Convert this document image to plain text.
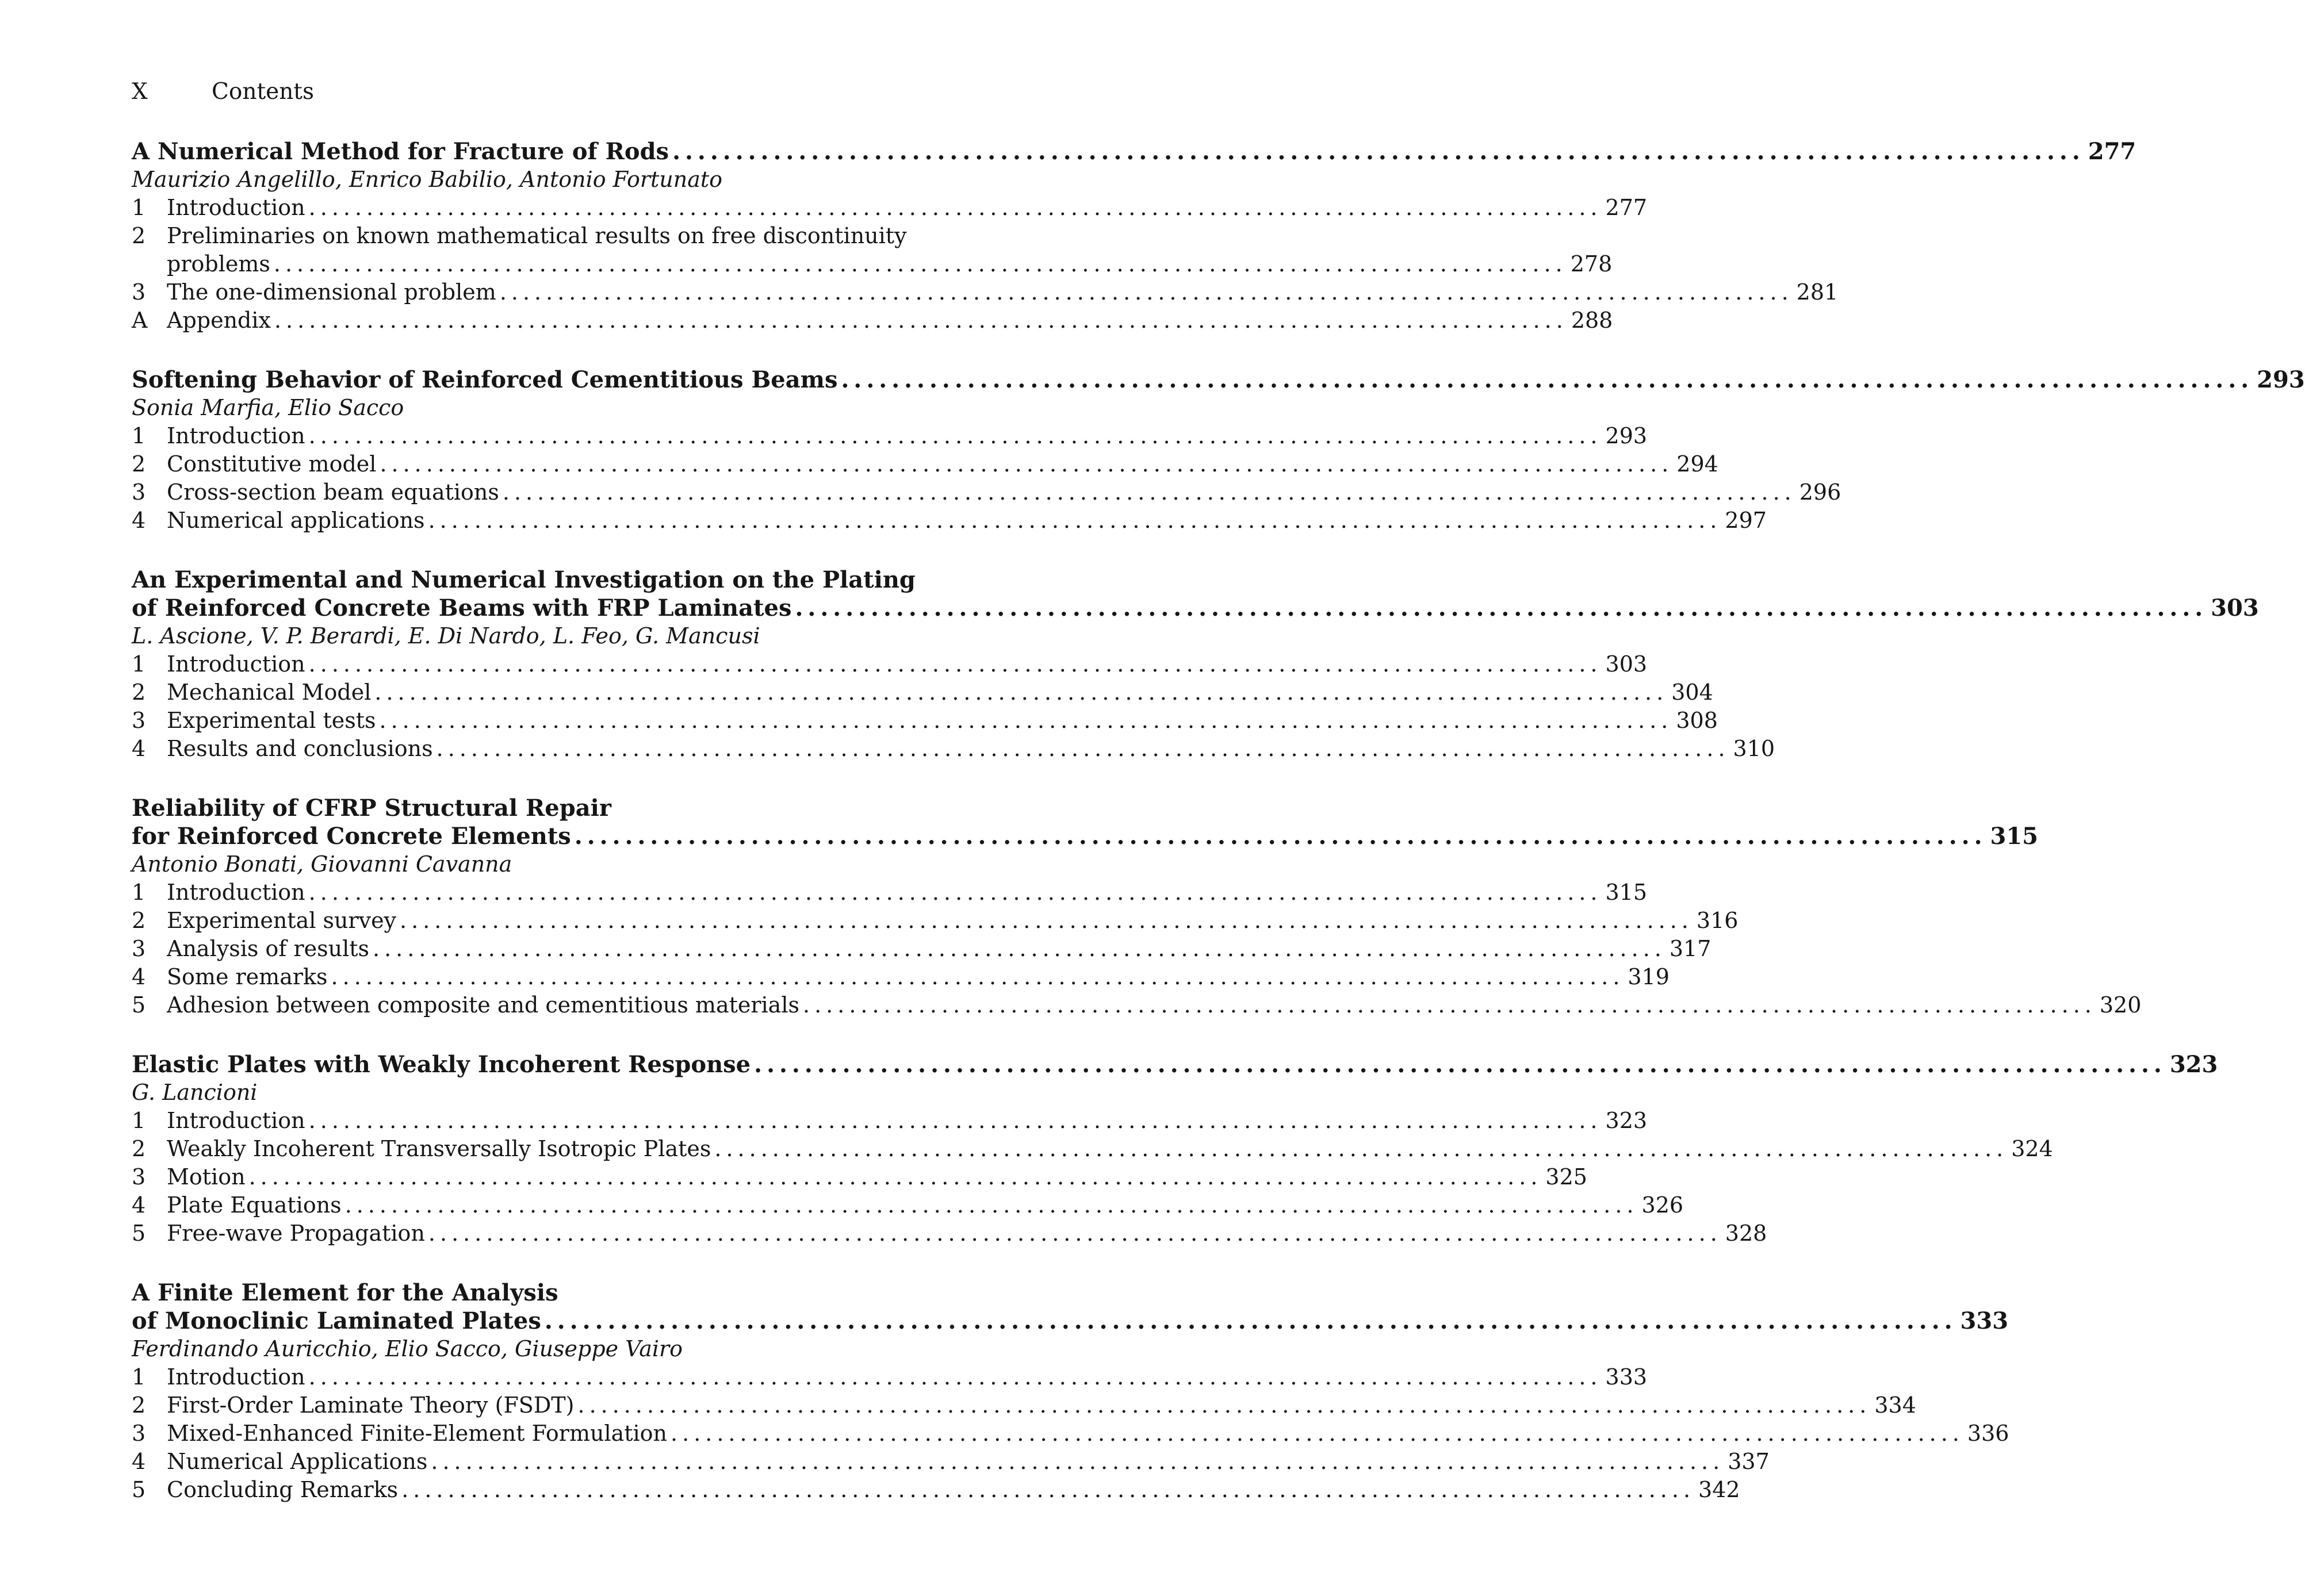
X	Contents
A Numerical Method for Fracture of Rods ................................................................................................................ 277
Maurizio Angelillo, Enrico Babilio, Antonio Fortunato
1 Introduction ................................................................................................................ 277
2 Preliminaries on known mathematical results on free discontinuity
problems ................................................................................................................ 278
3 The one-dimensional problem ................................................................................................................ 281
A Appendix ................................................................................................................ 288
Softening Behavior of Reinforced Cementitious Beams ................................................................................................................ 293
Sonia Marfia, Elio Sacco
1 Introduction ................................................................................................................ 293
2 Constitutive model ................................................................................................................ 294
3 Cross-section beam equations ................................................................................................................ 296
4 Numerical applications ................................................................................................................ 297
An Experimental and Numerical Investigation on the Plating
of Reinforced Concrete Beams with FRP Laminates ................................................................................................................ 303
L. Ascione, V. P. Berardi, E. Di Nardo, L. Feo, G. Mancusi
1 Introduction ................................................................................................................ 303
2 Mechanical Model ................................................................................................................ 304
3 Experimental tests ................................................................................................................ 308
4 Results and conclusions ................................................................................................................ 310
Reliability of CFRP Structural Repair
for Reinforced Concrete Elements ................................................................................................................ 315
Antonio Bonati, Giovanni Cavanna
1 Introduction ................................................................................................................ 315
2 Experimental survey ................................................................................................................ 316
3 Analysis of results ................................................................................................................ 317
4 Some remarks ................................................................................................................ 319
5 Adhesion between composite and cementitious materials ................................................................................................................ 320
Elastic Plates with Weakly Incoherent Response ................................................................................................................ 323
G. Lancioni
1 Introduction ................................................................................................................ 323
2 Weakly Incoherent Transversally Isotropic Plates ................................................................................................................ 324
3 Motion ................................................................................................................ 325
4 Plate Equations ................................................................................................................ 326
5 Free-wave Propagation ................................................................................................................ 328
A Finite Element for the Analysis
of Monoclinic Laminated Plates ................................................................................................................ 333
Ferdinando Auricchio, Elio Sacco, Giuseppe Vairo
1 Introduction ................................................................................................................ 333
2 First-Order Laminate Theory (FSDT) ................................................................................................................ 334
3 Mixed-Enhanced Finite-Element Formulation ................................................................................................................ 336
4 Numerical Applications ................................................................................................................ 337
5 Concluding Remarks ................................................................................................................ 342
